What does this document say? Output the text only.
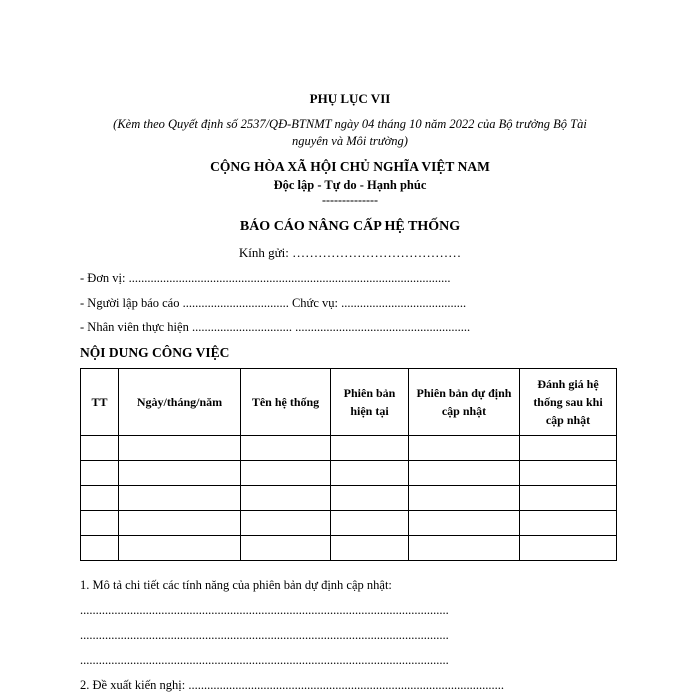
PHỤ LỤC VII
(Kèm theo Quyết định số 2537/QĐ-BTNMT ngày 04 tháng 10 năm 2022 của Bộ trưởng Bộ Tài
nguyên và Môi trường)
CỘNG HÒA XÃ HỘI CHỦ NGHĨA VIỆT NAM
Độc lập - Tự do - Hạnh phúc
--------------
BÁO CÁO NÂNG CẤP HỆ THỐNG
Kính gửi: …………………………………
- Đơn vị: .......................................................................................................
- Người lập báo cáo .................................. Chức vụ: ........................................
- Nhân viên thực hiện ................................ ........................................................
NỘI DUNG CÔNG VIỆC
TT	Ngày/tháng/năm	Tên hệ thống	Phiên bản hiện tại	Phiên bản dự định cập nhật	Đánh giá hệ thống sau khi cập nhật

1. Mô tả chi tiết các tính năng của phiên bản dự định cập nhật:
......................................................................................................................
......................................................................................................................
......................................................................................................................
2. Đề xuất kiến nghị: .....................................................................................................
